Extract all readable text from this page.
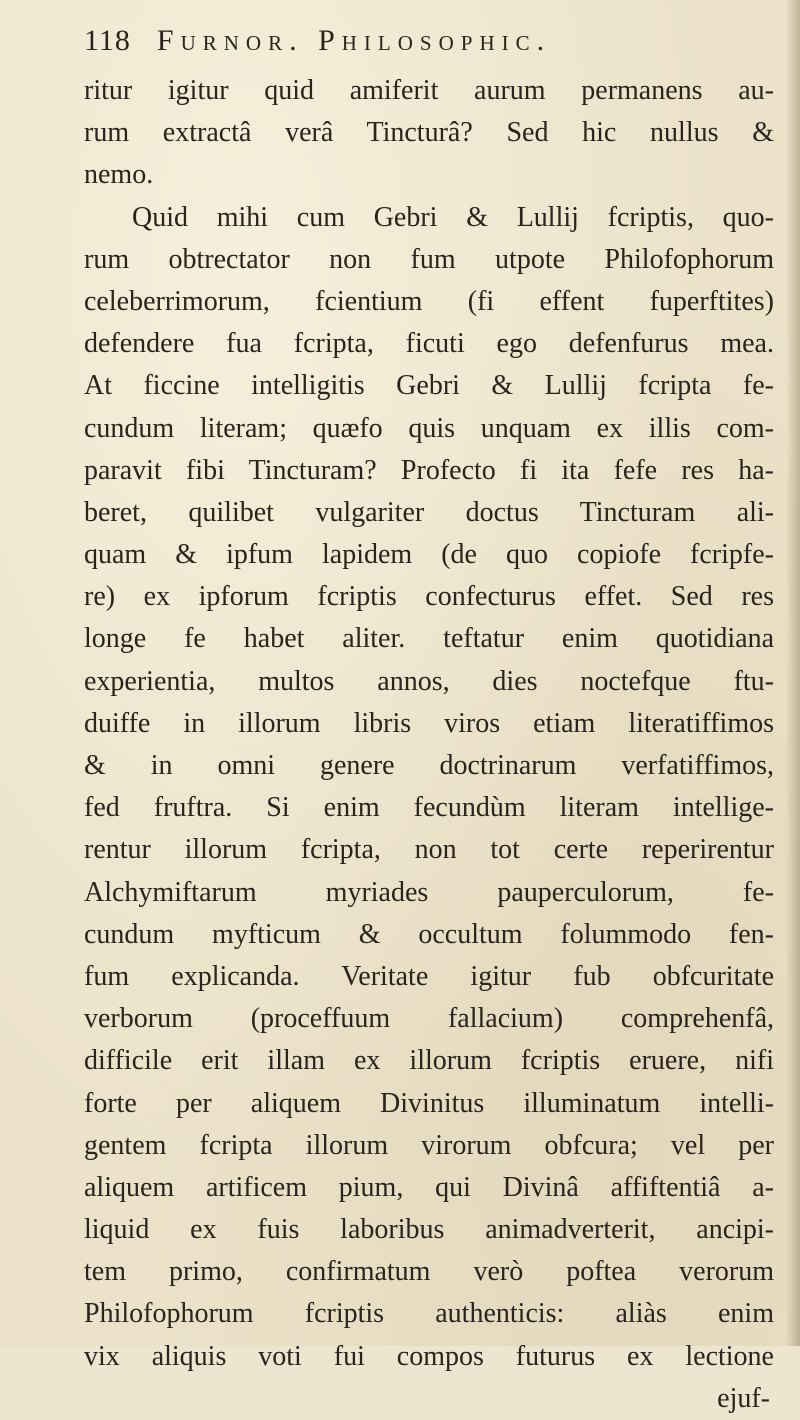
118 Furnor. Philosophic.
ritur igitur quid amiferit aurum permanens au-
rum extractâ verâ Tincturâ? Sed hic nullus &
nemo.
Quid mihi cum Gebri & Lullij fcriptis, quo-
rum obtrectator non fum utpote Philofophorum
celeberrimorum, fcientium (fi effent fuperftites)
defendere fua fcripta, ficuti ego defenfurus mea.
At ficcine intelligitis Gebri & Lullij fcripta fe-
cundum literam; quæfo quis unquam ex illis com-
paravit fibi Tincturam? Profecto fi ita fefe res ha-
beret, quilibet vulgariter doctus Tincturam ali-
quam & ipfum lapidem (de quo copiofe fcripfe-
re) ex ipforum fcriptis confecturus effet. Sed res
longe fe habet aliter. teftatur enim quotidiana
experientia, multos annos, dies noctefque ftu-
duiffe in illorum libris viros etiam literatiffimos
& in omni genere doctrinarum verfatiffimos,
fed fruftra. Si enim fecundùm literam intellige-
rentur illorum fcripta, non tot certe reperirentur
Alchymiftarum myriades pauperculorum, fe-
cundum myfticum & occultum folummodo fen-
fum explicanda. Veritate igitur fub obfcuritate
verborum (proceffuum fallacium) comprehenfâ,
difficile erit illam ex illorum fcriptis eruere, nifi
forte per aliquem Divinitus illuminatum intelli-
gentem fcripta illorum virorum obfcura; vel per
aliquem artificem pium, qui Divinâ affiftentiâ a-
liquid ex fuis laboribus animadverterit, ancipi-
tem primo, confirmatum verò poftea verorum
Philofophorum fcriptis authenticis: aliàs enim
vix aliquis voti fui compos futurus ex lectione
ejuf-
